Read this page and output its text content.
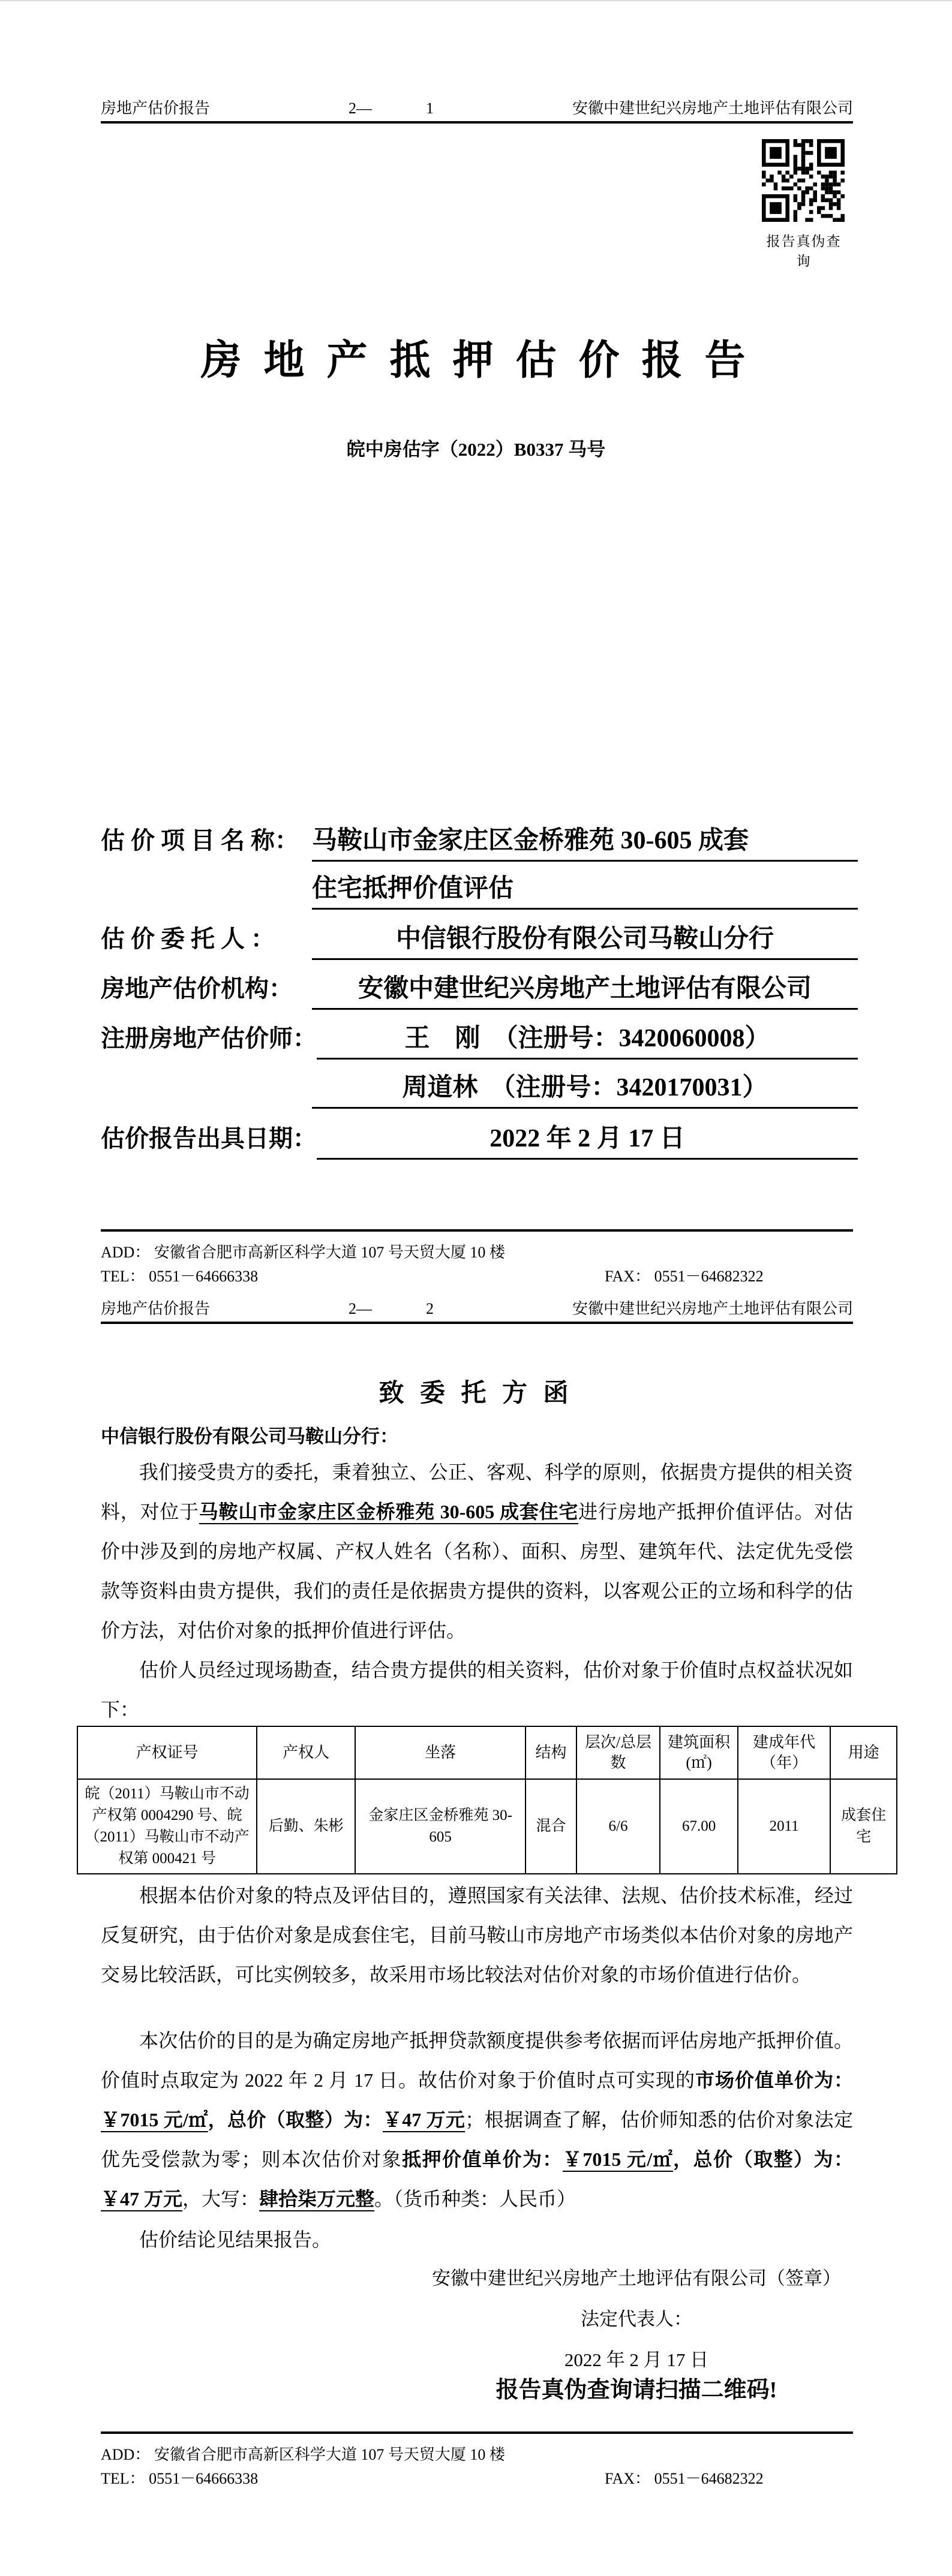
房地产估价报告	2—	1	安徽中建世纪兴房地产土地评估有限公司
报告真伪查询
房 地 产 抵 押 估 价 报 告
皖中房估字（2022）B0337 马号
估 价 项 目 名 称： 马鞍山市金家庄区金桥雅苑 30-605 成套
住宅抵押价值评估
估 价 委 托 人 ：	中信银行股份有限公司马鞍山分行
房地产估价机构：	安徽中建世纪兴房地产土地评估有限公司
注册房地产估价师：	王　刚　（注册号：3420060008）
周道林　（注册号：3420170031）
估价报告出具日期：	2022 年 2 月 17 日
ADD： 安徽省合肥市高新区科学大道 107 号天贸大厦 10 楼
TEL： 0551－64666338	FAX： 0551－64682322
房地产估价报告	2—	2	安徽中建世纪兴房地产土地评估有限公司
致 委 托 方 函
中信银行股份有限公司马鞍山分行：

我们接受贵方的委托，秉着独立、公正、客观、科学的原则，依据贵方提供的相关资料，对位于马鞍山市金家庄区金桥雅苑 30-605 成套住宅进行房地产抵押价值评估。对估价中涉及到的房地产权属、产权人姓名（名称）、面积、房型、建筑年代、法定优先受偿款等资料由贵方提供，我们的责任是依据贵方提供的资料，以客观公正的立场和科学的估价方法，对估价对象的抵押价值进行评估。

估价人员经过现场勘查，结合贵方提供的相关资料，估价对象于价值时点权益状况如下：

产权证号	产权人	坐落	结构	层次/总层数	建筑面积(㎡)	建成年代（年）	用途
皖（2011）马鞍山市不动产权第 0004290 号、皖（2011）马鞍山市不动产权第 000421 号	后勤、朱彬	金家庄区金桥雅苑 30-605	混合	6/6	67.00	2011	成套住宅

根据本估价对象的特点及评估目的，遵照国家有关法律、法规、估价技术标准，经过反复研究，由于估价对象是成套住宅，目前马鞍山市房地产市场类似本估价对象的房地产交易比较活跃，可比实例较多，故采用市场比较法对估价对象的市场价值进行估价。

本次估价的目的是为确定房地产抵押贷款额度提供参考依据而评估房地产抵押价值。价值时点取定为 2022 年 2 月 17 日。故估价对象于价值时点可实现的市场价值单价为：￥7015 元/㎡，总价（取整）为：￥47 万元；根据调查了解，估价师知悉的估价对象法定优先受偿款为零；则本次估价对象抵押价值单价为：￥7015 元/㎡，总价（取整）为：￥47 万元，大写：肆拾柒万元整。（货币种类：人民币）

估价结论见结果报告。

安徽中建世纪兴房地产土地评估有限公司（签章）
法定代表人：
2022 年 2 月 17 日
报告真伪查询请扫描二维码!
ADD： 安徽省合肥市高新区科学大道 107 号天贸大厦 10 楼
TEL： 0551－64666338	FAX： 0551－64682322
